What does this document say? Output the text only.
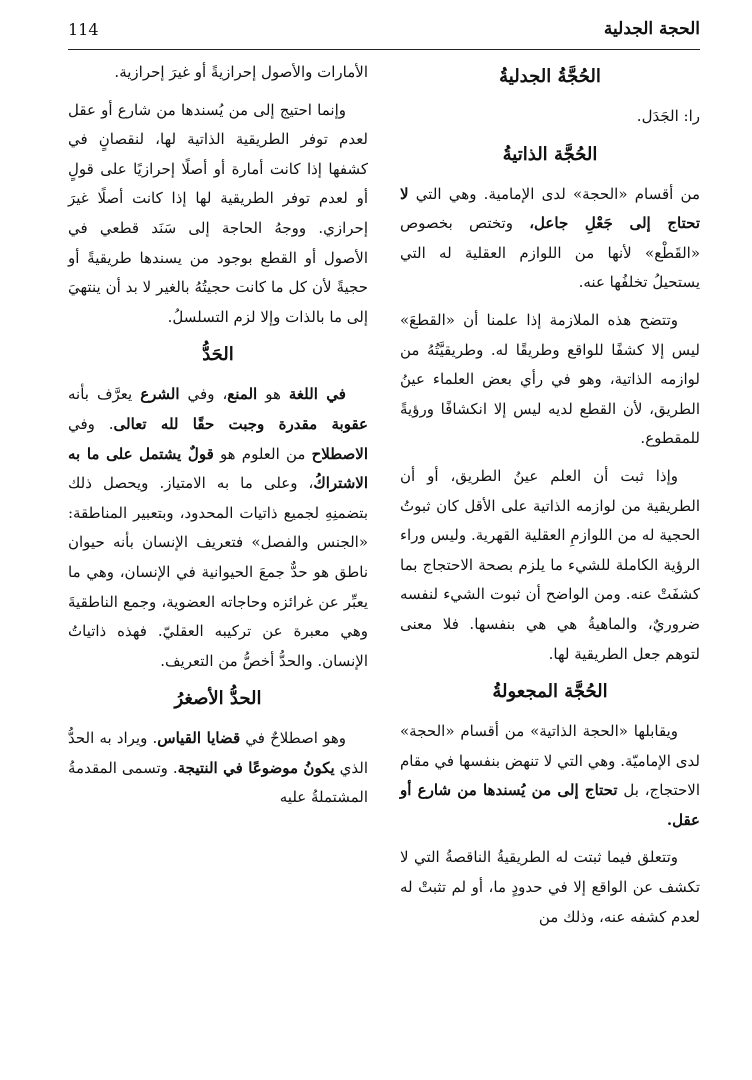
الحجة الجدلية
114
الحُجَّةُ الجدليةُ

را: الجَدَل.

الحُجَّة الذاتيةُ

من أقسام «الحجة» لدى الإمامية. وهي التي لا تحتاج إلى جَعْلِ جاعل، وتختص بخصوص «القَطْع» لأنها من اللوازم العقلية له التي يستحيلُ تخلفُها عنه.

وتتضح هذه الملازمة إذا علمنا أن «القطعَ» ليس إلا كشفًا للواقع وطريقًا له. وطريقيَّتُهُ من لوازمه الذاتية، وهو في رأي بعض العلماء عينُ الطريق، لأن القطع لديه ليس إلا انكشافًا ورؤيةً للمقطوع.

وإذا ثبت أن العلم عينُ الطريق، أو أن الطريقية من لوازمه الذاتية على الأقل كان ثبوتُ الحجية له من اللوازمِ العقلية القهرية. وليس وراء الرؤية الكاملة للشيء ما يلزم بصحة الاحتجاج بما كشفَتْ عنه. ومن الواضح أن ثبوت الشيء لنفسه ضروريٌ، والماهيةُ هي هي بنفسها. فلا معنى لتوهم جعل الطريقية لها.

الحُجَّة المجعولةُ

ويقابلها «الحجة الذاتية» من أقسام «الحجة» لدى الإماميّة. وهي التي لا تنهض بنفسها في مقام الاحتجاج، بل تحتاج إلى من يُسندها من شارع أو عقل.

وتتعلق فيما ثبتت له الطريقيةُ الناقصةُ التي لا تكشف عن الواقع إلا في حدودٍ ما، أو لم تثبتْ له لعدم كشفه عنه، وذلك من

الأمارات والأصول إحرازيةً أو غيرَ إحرازية.

وإنما احتيج إلى من يُسندها من شارع أو عقل لعدم توفر الطريقية الذاتية لها، لنقصانٍ في كشفها إذا كانت أمارة أو أصلًا إحرازيًا على قولٍ أو لعدم توفر الطريقية لها إذا كانت أصلًا غيرَ إحرازي. ووجهُ الحاجة إلى سَنَد قطعي في الأصول أو القطع بوجود من يسندها طريقيةً أو حجيةً لأن كل ما كانت حجيتُهُ بالغير لا بد أن ينتهيَ إلى ما بالذات وإلا لزم التسلسلُ.

الحَدُّ

في اللغة هو المنع، وفي الشرع يعرَّف بأنه عقوبة مقدرة وجبت حقًا لله تعالى. وفي الاصطلاح من العلوم هو قولٌ يشتمل على ما به الاشتراكُ، وعلى ما به الامتياز. ويحصل ذلك بتضمنِهِ لجميع ذاتيات المحدود، وبتعبير المناطقة: «الجنس والفصل» فتعريف الإنسان بأنه حيوان ناطق هو حدٌّ جمعَ الحيوانية في الإنسان، وهي ما يعبِّر عن غرائزه وحاجاته العضوية، وجمع الناطقيةَ وهي معبرة عن تركيبه العقليّ. فهذه ذاتياتُ الإنسان. والحدُّ أخصُّ من التعريف.

الحدُّ الأصغرُ

وهو اصطلاحٌ في قضايا القياس. ويراد به الحدُّ الذي يكونُ موضوعًا في النتيجة. وتسمى المقدمةُ المشتملةُ عليه
